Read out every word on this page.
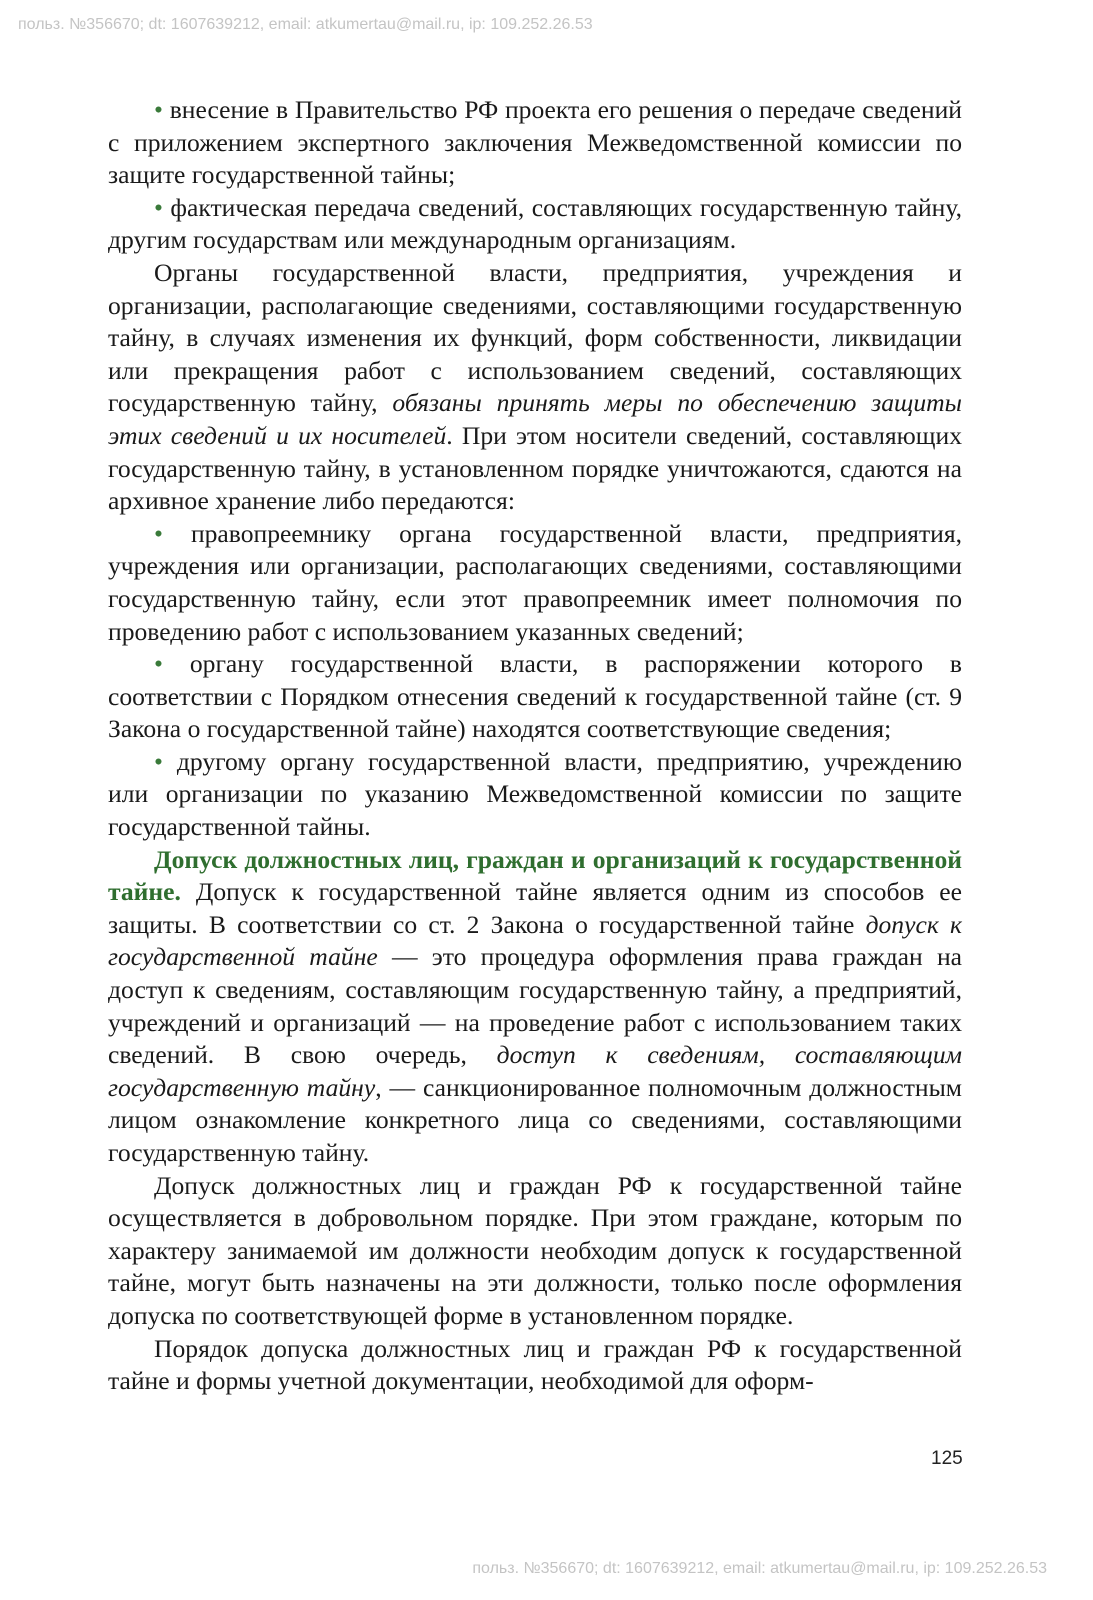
польз. №356670; dt: 1607639212, email: atkumertau@mail.ru, ip: 109.252.26.53

• внесение в Правительство РФ проекта его решения о передаче сведений с приложением экспертного заключения Межведомственной комиссии по защите государственной тайны;

• фактическая передача сведений, составляющих государственную тайну, другим государствам или международным организациям.

Органы государственной власти, предприятия, учреждения и организации, располагающие сведениями, составляющими государственную тайну, в случаях изменения их функций, форм собственности, ликвидации или прекращения работ с использованием сведений, составляющих государственную тайну, обязаны принять меры по обеспечению защиты этих сведений и их носителей. При этом носители сведений, составляющих государственную тайну, в установленном порядке уничтожаются, сдаются на архивное хранение либо передаются:

• правопреемнику органа государственной власти, предприятия, учреждения или организации, располагающих сведениями, составляющими государственную тайну, если этот правопреемник имеет полномочия по проведению работ с использованием указанных сведений;

• органу государственной власти, в распоряжении которого в соответствии с Порядком отнесения сведений к государственной тайне (ст. 9 Закона о государственной тайне) находятся соответствующие сведения;

• другому органу государственной власти, предприятию, учреждению или организации по указанию Межведомственной комиссии по защите государственной тайны.

Допуск должностных лиц, граждан и организаций к государственной тайне. Допуск к государственной тайне является одним из способов ее защиты. В соответствии со ст. 2 Закона о государственной тайне допуск к государственной тайне — это процедура оформления права граждан на доступ к сведениям, составляющим государственную тайну, а предприятий, учреждений и организаций — на проведение работ с использованием таких сведений. В свою очередь, доступ к сведениям, составляющим государственную тайну, — санкционированное полномочным должностным лицом ознакомление конкретного лица со сведениями, составляющими государственную тайну.

Допуск должностных лиц и граждан РФ к государственной тайне осуществляется в добровольном порядке. При этом граждане, которым по характеру занимаемой им должности необходим допуск к государственной тайне, могут быть назначены на эти должности, только после оформления допуска по соответствующей форме в установленном порядке.

Порядок допуска должностных лиц и граждан РФ к государственной тайне и формы учетной документации, необходимой для оформ-

125
польз. №356670; dt: 1607639212, email: atkumertau@mail.ru, ip: 109.252.26.53
